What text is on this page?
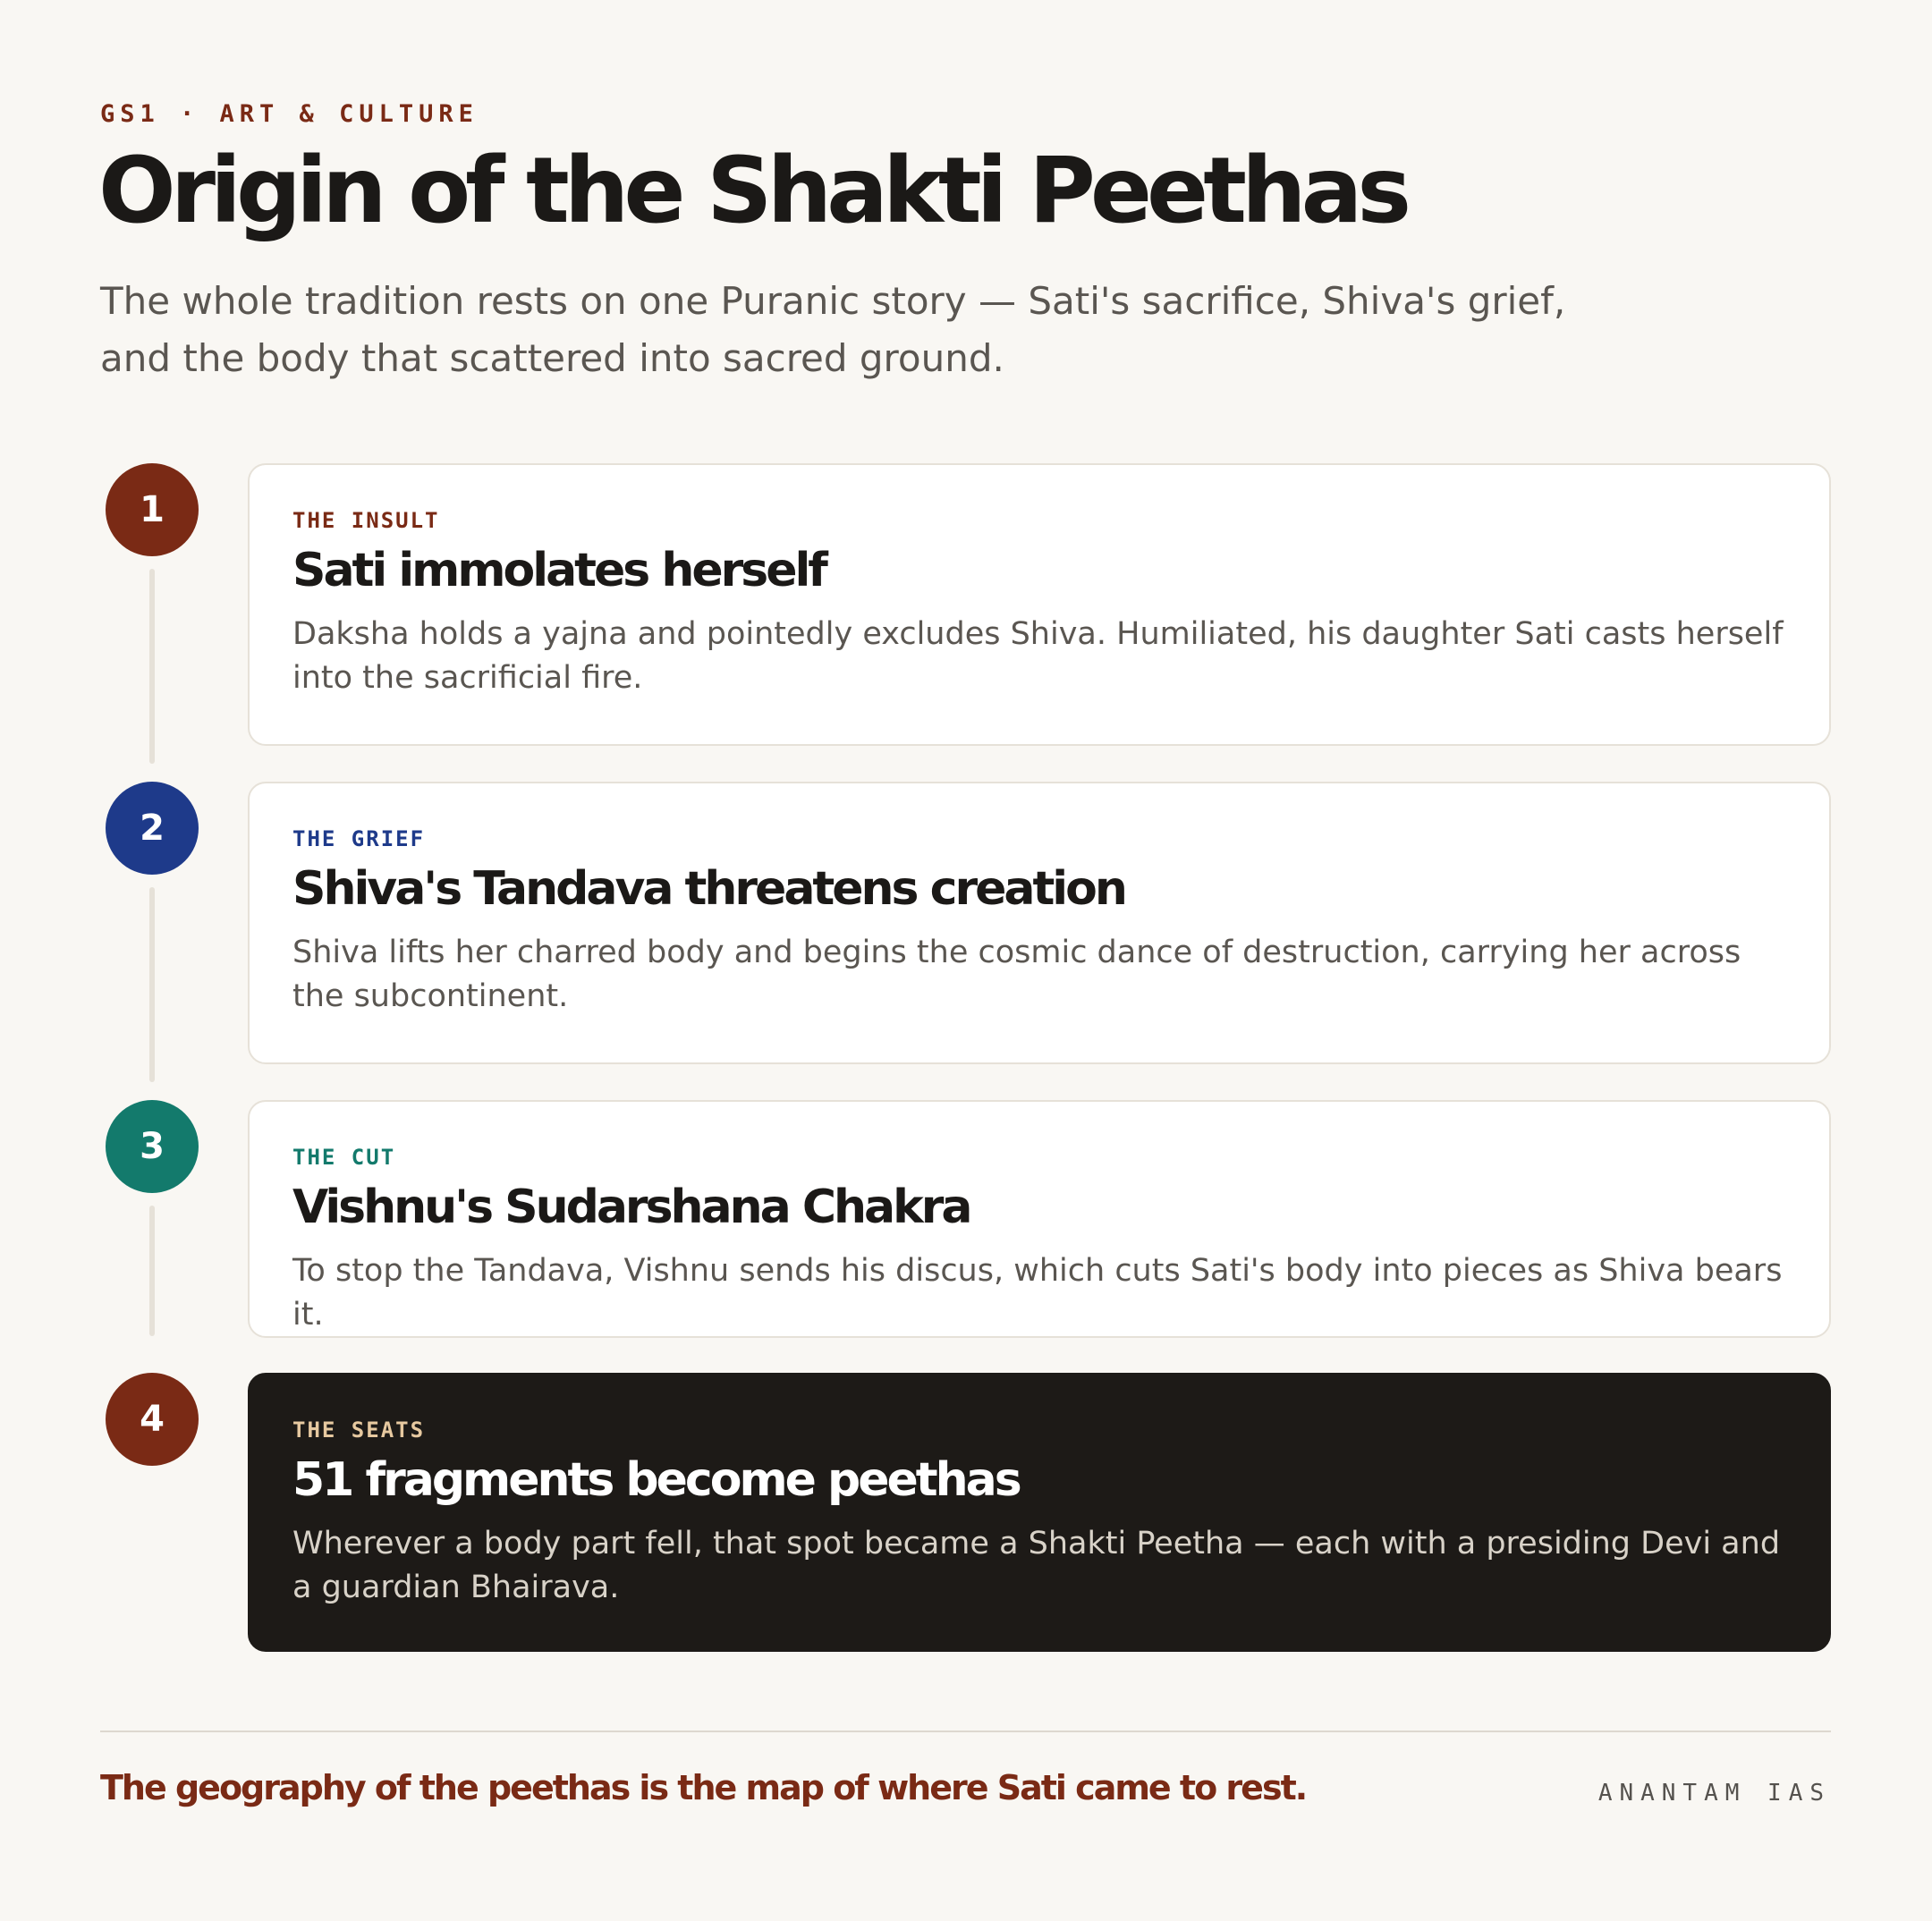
GS1 · ART & CULTURE
Origin of the Shakti Peethas

The whole tradition rests on one Puranic story — Sati's sacrifice, Shiva's grief, and the body that scattered into sacred ground.

1	THE INSULT
Sati immolates herself

Daksha holds a yajna and pointedly excludes Shiva. Humiliated, his daughter Sati casts herself into the sacrificial fire.

2	THE GRIEF
Shiva's Tandava threatens creation

Shiva lifts her charred body and begins the cosmic dance of destruction, carrying her across the subcontinent.

3	THE CUT
Vishnu's Sudarshana Chakra

To stop the Tandava, Vishnu sends his discus, which cuts Sati's body into pieces as Shiva bears it.

4	THE SEATS
51 fragments become peethas

Wherever a body part fell, that spot became a Shakti Peetha — each with a presiding Devi and a guardian Bhairava.

The geography of the peethas is the map of where Sati came to rest.	ANANTAM IAS
